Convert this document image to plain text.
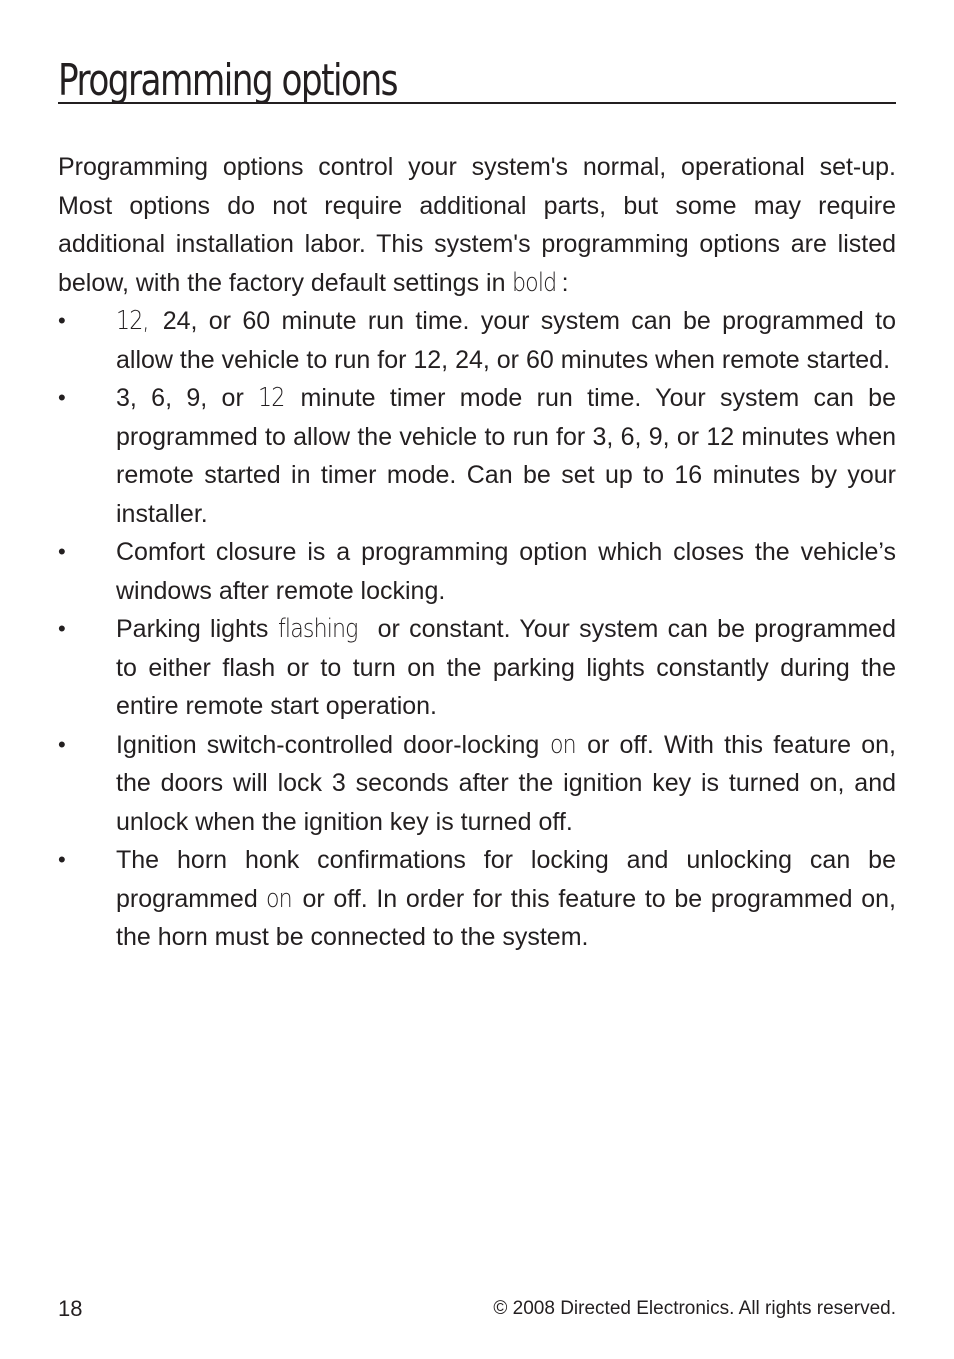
Programming options

Programming options control your system's normal, operational set-up. Most options do not require additional parts, but some may require additional installation labor. This system's programming options are listed below, with the factory default settings in bold :

•	12, 24, or 60 minute run time. your system can be programmed to allow the vehicle to run for 12, 24, or 60 minutes when remote started.
•	3, 6, 9, or 12 minute timer mode run time. Your system can be programmed to allow the vehicle to run for 3, 6, 9, or 12 minutes when remote started in timer mode. Can be set up to 16 minutes by your installer.
•	Comfort closure is a programming option which closes the vehicle’s windows after remote locking.
•	Parking lights flashing or constant. Your system can be programmed to either flash or to turn on the parking lights constantly during the entire remote start operation.
•	Ignition switch-controlled door-locking on or off. With this feature on, the doors will lock 3 seconds after the ignition key is turned on, and unlock when the ignition key is turned off.
•	The horn honk confirmations for locking and unlocking can be programmed on or off. In order for this feature to be programmed on, the horn must be connected to the system.
18	© 2008 Directed Electronics. All rights reserved.
